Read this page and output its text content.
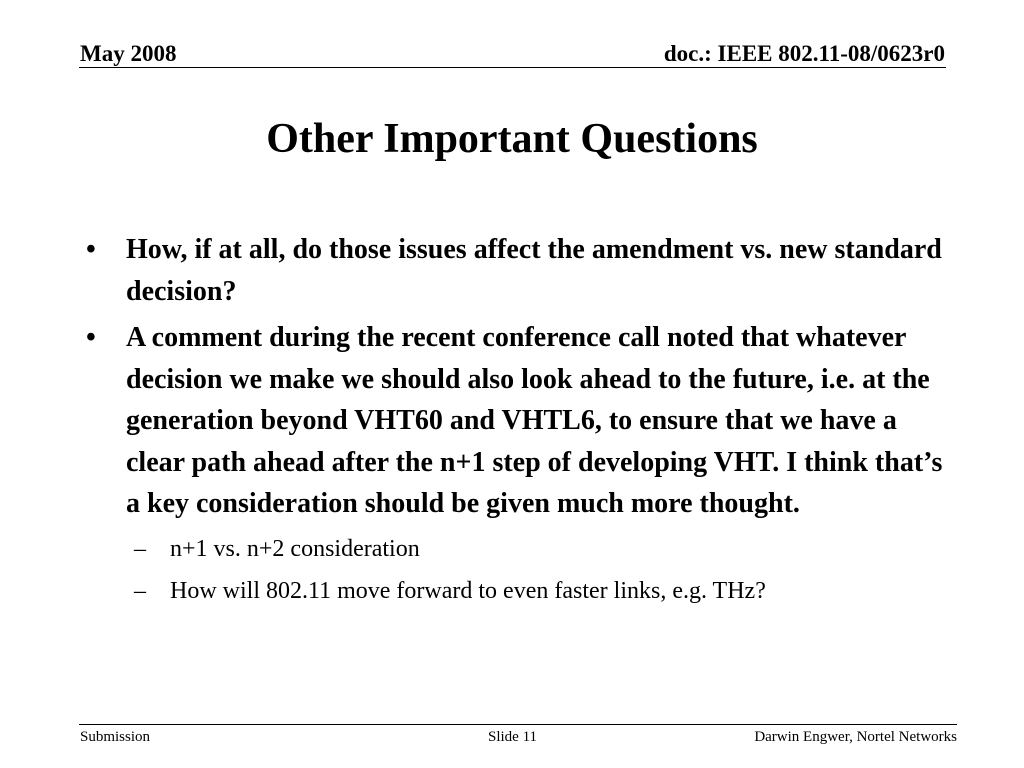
May 2008	doc.: IEEE 802.11-08/0623r0
Other Important Questions
•	How, if at all, do those issues affect the amendment vs. new standard decision?
•	A comment during the recent conference call noted that whatever decision we make we should also look ahead to the future, i.e. at the generation beyond VHT60 and VHTL6, to ensure that we have a clear path ahead after the n+1 step of developing VHT. I think that’s a key consideration should be given much more thought.
– n+1 vs. n+2 consideration
– How will 802.11 move forward to even faster links, e.g. THz?
Submission	Slide 11	Darwin Engwer, Nortel Networks
